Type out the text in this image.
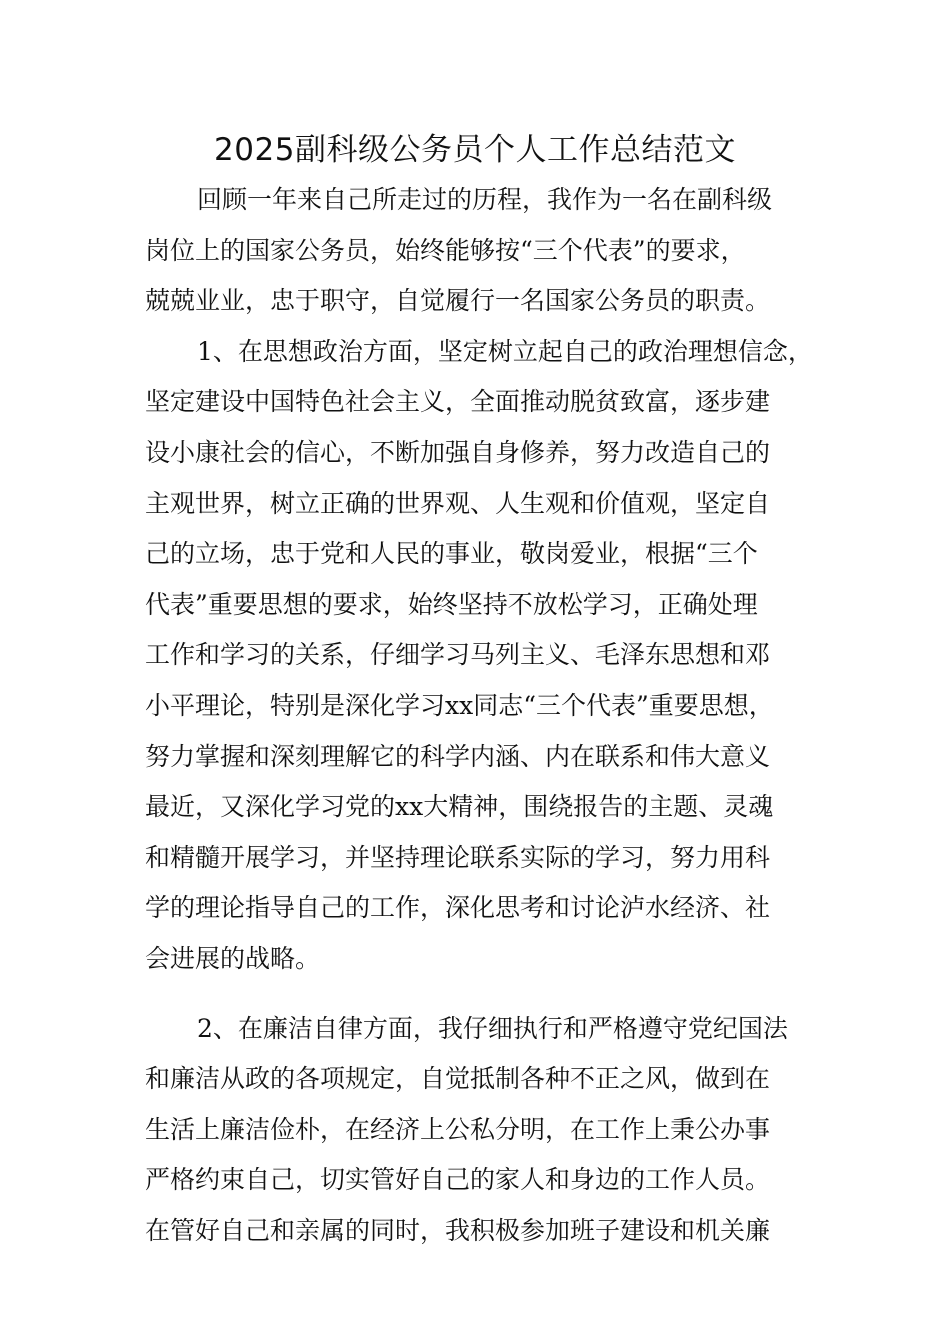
2025副科级公务员个人工作总结范文
回顾一年来自己所走过的历程，我作为一名在副科级
岗位上的国家公务员，始终能够按“三个代表”的要求，
兢兢业业，忠于职守，自觉履行一名国家公务员的职责。
1、在思想政治方面，坚定树立起自己的政治理想信念，
坚定建设中国特色社会主义，全面推动脱贫致富，逐步建
设小康社会的信心，不断加强自身修养，努力改造自己的
主观世界，树立正确的世界观、人生观和价值观，坚定自
己的立场，忠于党和人民的事业，敬岗爱业，根据“三个
代表”重要思想的要求，始终坚持不放松学习，正确处理
工作和学习的关系，仔细学习马列主义、毛泽东思想和邓
小平理论，特别是深化学习xx同志“三个代表”重要思想，
努力掌握和深刻理解它的科学内涵、内在联系和伟大意义
最近，又深化学习党的xx大精神，围绕报告的主题、灵魂
和精髓开展学习，并坚持理论联系实际的学习，努力用科
学的理论指导自己的工作，深化思考和讨论泸水经济、社
会进展的战略。
2、在廉洁自律方面，我仔细执行和严格遵守党纪国法
和廉洁从政的各项规定，自觉抵制各种不正之风，做到在
生活上廉洁俭朴，在经济上公私分明，在工作上秉公办事
严格约束自己，切实管好自己的家人和身边的工作人员。
在管好自己和亲属的同时，我积极参加班子建设和机关廉
